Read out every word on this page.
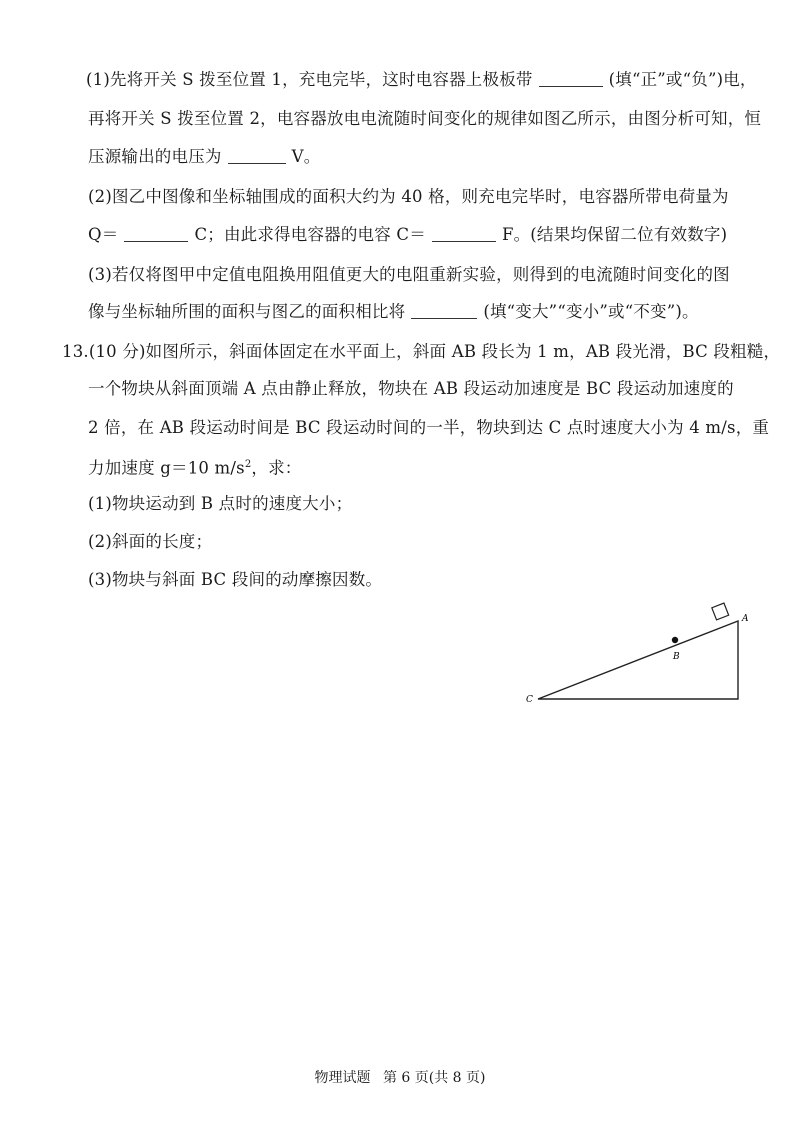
(1)先将开关 S 拨至位置 1，充电完毕，这时电容器上极板带	(填“正”或“负”)电，
再将开关 S 拨至位置 2，电容器放电电流随时间变化的规律如图乙所示，由图分析可知，恒
压源输出的电压为	V。
(2)图乙中图像和坐标轴围成的面积大约为 40 格，则充电完毕时，电容器所带电荷量为
Q＝	C；由此求得电容器的电容 C＝	F。(结果均保留二位有效数字)
(3)若仅将图甲中定值电阻换用阻值更大的电阻重新实验，则得到的电流随时间变化的图
像与坐标轴所围的面积与图乙的面积相比将	(填“变大”“变小”或“不变”)。
13.(10 分)如图所示，斜面体固定在水平面上，斜面 AB 段长为 1 m，AB 段光滑，BC 段粗糙，
一个物块从斜面顶端 A 点由静止释放，物块在 AB 段运动加速度是 BC 段运动加速度的
2 倍，在 AB 段运动时间是 BC 段运动时间的一半，物块到达 C 点时速度大小为 4 m/s，重
力加速度 g＝10 $m/s^2$，求：
(1)物块运动到 B 点时的速度大小；
(2)斜面的长度；
(3)物块与斜面 BC 段间的动摩擦因数。
A
B
C
物理试题 第 6 页(共 8 页)
